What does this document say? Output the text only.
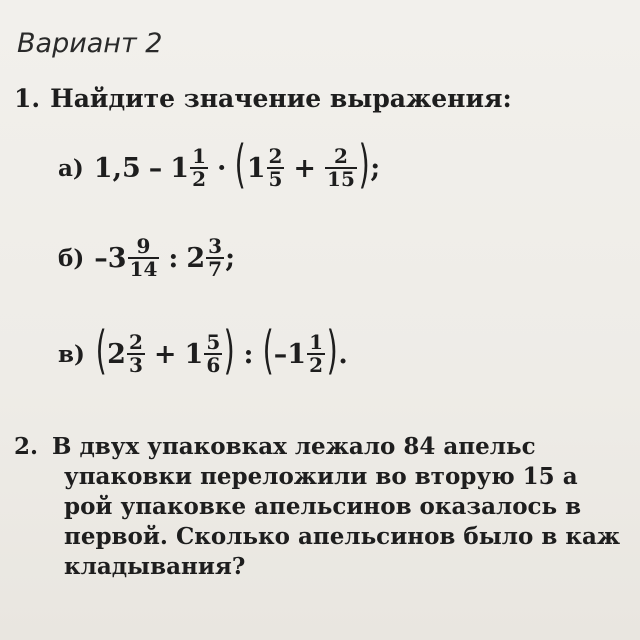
Вариант 2
1. Найдите значение выражения:
а) $1,5 - 1 \frac{1}{2}$ · ( $1 \frac{2}{5} + \frac{2}{15}$ ) ;
б) $-3 \frac{9}{14}$ : $2 \frac{3}{7}$ ;
в) ( $2 \frac{2}{3} + 1 \frac{5}{6}$ ) : ( $-1 \frac{1}{2}$ ) .
2. В двух упаковках лежало 84 апельс
упаковки переложили во вторую 15 а
рой упаковке апельсинов оказалось в
первой. Сколько апельсинов было в каж
кладывания?
